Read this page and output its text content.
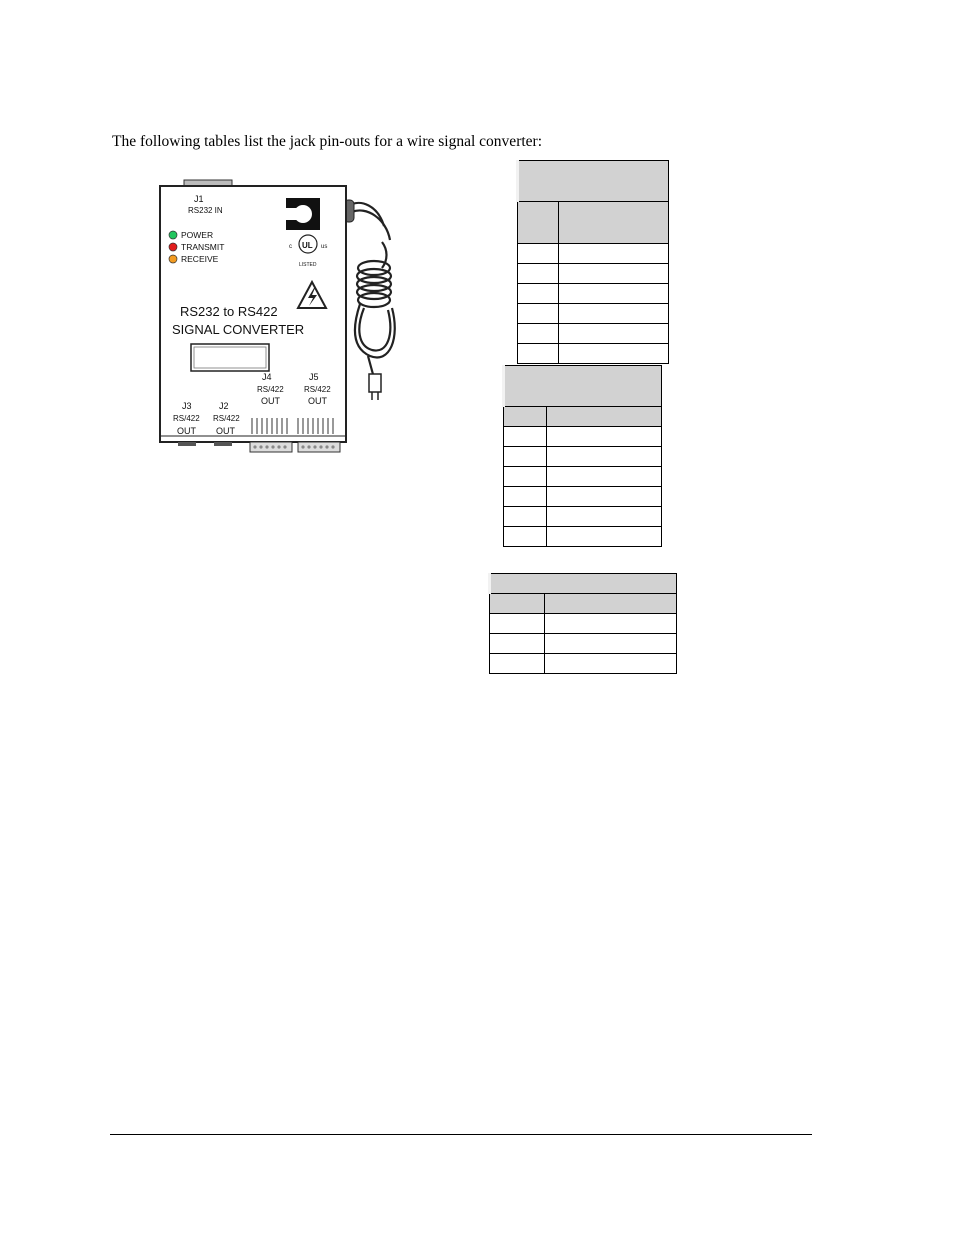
The following tables list the jack pin-outs for a wire signal converter:
J1
RS232 IN
POWER
TRANSMIT
RECEIVE
UL
c	us
LISTED
RS232 to RS422
SIGNAL CONVERTER
J4
RS/422
OUT
J5
RS/422
OUT
J3
RS/422
OUT
J2
RS/422
OUT
